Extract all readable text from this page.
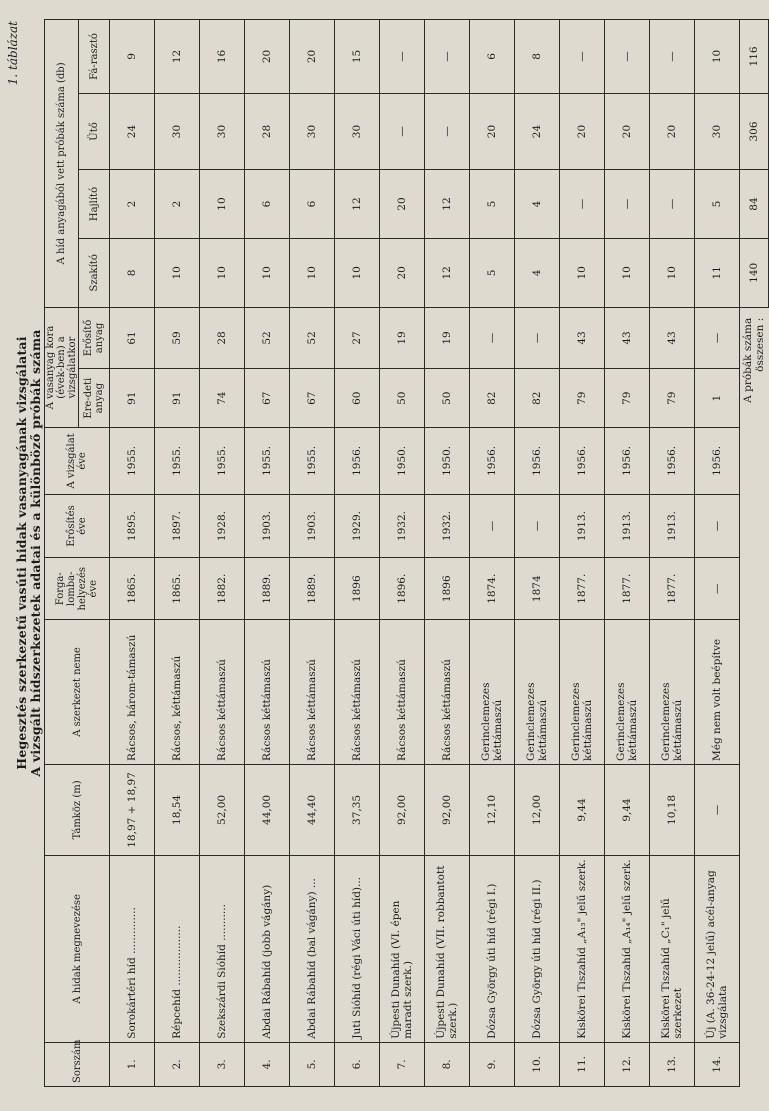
1. táblázat
Hegesztés szerkezetű vasúti hidak vasanyagának vizsgálatai A vizsgált hídszerkezetek adatai és a különböző próbák száma
Sorszám	A hidak megnevezése	Támköz (m)	A szerkezet neme	Forga-lomba-helyezés éve	Erősítés éve	A vizsgálat éve	A vasanyag kora (évek-ben) a vizsgálatkor		A híd anyagából vett próbák száma (db)			
							Ere-deti anyag	Erősítő anyag	Szakító	Hajlító	Ütő	Fá-rasztó
1.	Sorokártéri híd ..............	18,97 + 18,97	Rácsos, három-támaszú	1865.	1895.	1955.	91	61	8	2	24	9
2.	Répcehíd ..................	18,54	Rácsos, kéttámaszú	1865.	1897.	1955.	91	59	10	2	30	12
3.	Szekszárdi Sióhíd ...........	52,00	Rácsos kéttámaszú	1882.	1928.	1955.	74	28	10	10	30	16
4.	Abdai Rábahíd (jobb vágány)	44,00	Rácsos kéttámaszú	1889.	1903.	1955.	67	52	10	6	28	20
5.	Abdai Rábahíd (bal vágány) ...	44,40	Rácsos kéttámaszú	1889.	1903.	1955.	67	52	10	6	30	20
6.	Juti Sióhíd (régi Váci úti híd)...	37,35	Rácsos kéttámaszú	1896	1929.	1956.	60	27	10	12	30	15
7.	Újpesti Dunahíd (VI. épen maradt szerk.)	92,00	Rácsos kéttámaszú	1896.	1932.	1950.	50	19	20	20	—	—
8.	Újpesti Dunahíd (VII. robbantott szerk.)	92,00	Rácsos kéttámaszú	1896	1932.	1950.	50	19	12	12	—	—
9.	Dózsa György úti híd (régi I.)	12,10	Gerinclemezes kéttámaszú	1874.	—	1956.	82	—	5	5	20	6
10.	Dózsa György úti híd (régi II.)	12,00	Gerinclemezes kéttámaszú	1874	—	1956.	82	—	4	4	24	8
11.	Kiskörei Tiszahíd „A₁₃" jelű szerk.	9,44	Gerinclemezes kéttámaszú	1877.	1913.	1956.	79	43	10	—	20	—
12.	Kiskörei Tiszahíd „A₁₄" jelű szerk.	9,44	Gerinclemezes kéttámaszú	1877.	1913.	1956.	79	43	10	—	20	—
13.	Kiskörei Tiszahíd „C₁" jelű szerkezet	10,18	Gerinclemezes kéttámaszú	1877.	1913.	1956.	79	43	10	—	20	—
14.	Új (A. 36-24-12 jelű) acél-anyag vizsgálata	—	Még nem volt beépítve	—	—	1956.	1	—	11	5	30	10
							A próbák száma összesen :		140	84	306	116
